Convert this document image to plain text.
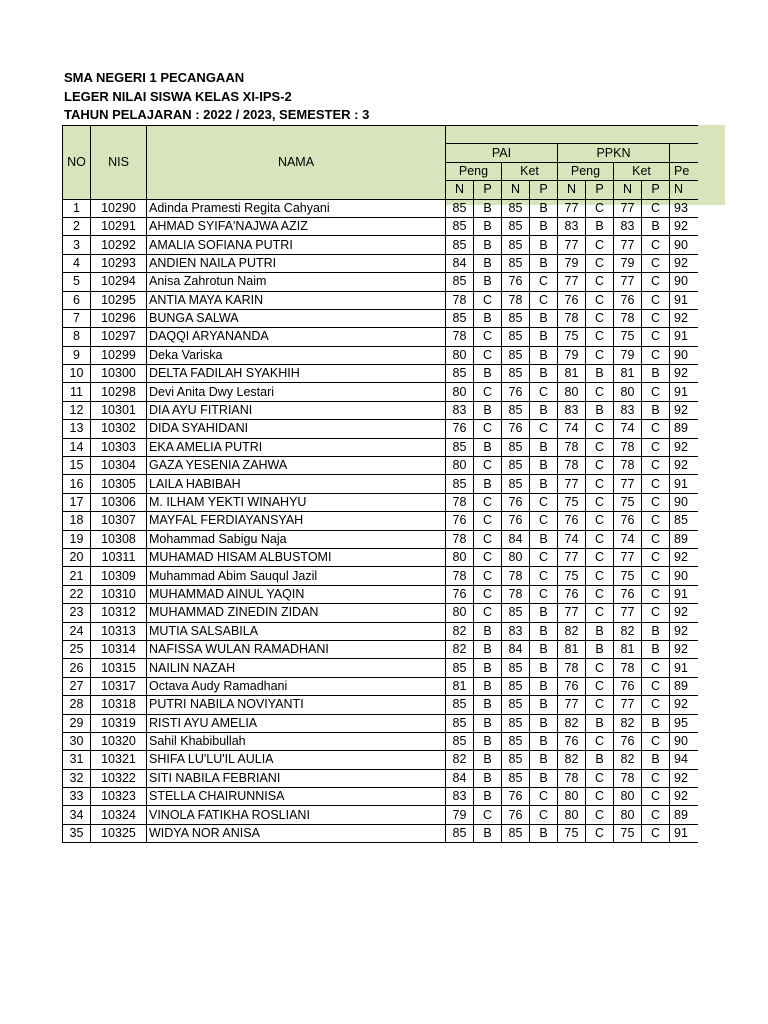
SMA NEGERI 1 PECANGAAN
LEGER NILAI SISWA KELAS XI-IPS-2
TAHUN PELAJARAN : 2022 / 2023, SEMESTER : 3
NO	NIS	NAMA									
			PAI				PPKN				
			Peng		Ket		Peng		Ket		Pe
			N	P	N	P	N	P	N	P	N
1	10290	Adinda Pramesti Regita Cahyani	85	B	85	B	77	C	77	C	93
2	10291	AHMAD SYIFA'NAJWA AZIZ	85	B	85	B	83	B	83	B	92
3	10292	AMALIA SOFIANA PUTRI	85	B	85	B	77	C	77	C	90
4	10293	ANDIEN NAILA PUTRI	84	B	85	B	79	C	79	C	92
5	10294	Anisa Zahrotun Naim	85	B	76	C	77	C	77	C	90
6	10295	ANTIA MAYA KARIN	78	C	78	C	76	C	76	C	91
7	10296	BUNGA SALWA	85	B	85	B	78	C	78	C	92
8	10297	DAQQI ARYANANDA	78	C	85	B	75	C	75	C	91
9	10299	Deka Variska	80	C	85	B	79	C	79	C	90
10	10300	DELTA FADILAH SYAKHIH	85	B	85	B	81	B	81	B	92
11	10298	Devi Anita Dwy Lestari	80	C	76	C	80	C	80	C	91
12	10301	DIA AYU FITRIANI	83	B	85	B	83	B	83	B	92
13	10302	DIDA SYAHIDANI	76	C	76	C	74	C	74	C	89
14	10303	EKA AMELIA PUTRI	85	B	85	B	78	C	78	C	92
15	10304	GAZA YESENIA ZAHWA	80	C	85	B	78	C	78	C	92
16	10305	LAILA HABIBAH	85	B	85	B	77	C	77	C	91
17	10306	M. ILHAM YEKTI WINAHYU	78	C	76	C	75	C	75	C	90
18	10307	MAYFAL FERDIAYANSYAH	76	C	76	C	76	C	76	C	85
19	10308	Mohammad Sabigu Naja	78	C	84	B	74	C	74	C	89
20	10311	MUHAMAD HISAM ALBUSTOMI	80	C	80	C	77	C	77	C	92
21	10309	Muhammad Abim Sauqul Jazil	78	C	78	C	75	C	75	C	90
22	10310	MUHAMMAD AINUL YAQIN	76	C	78	C	76	C	76	C	91
23	10312	MUHAMMAD ZINEDIN ZIDAN	80	C	85	B	77	C	77	C	92
24	10313	MUTIA SALSABILA	82	B	83	B	82	B	82	B	92
25	10314	NAFISSA WULAN RAMADHANI	82	B	84	B	81	B	81	B	92
26	10315	NAILIN NAZAH	85	B	85	B	78	C	78	C	91
27	10317	Octava Audy Ramadhani	81	B	85	B	76	C	76	C	89
28	10318	PUTRI NABILA NOVIYANTI	85	B	85	B	77	C	77	C	92
29	10319	RISTI AYU AMELIA	85	B	85	B	82	B	82	B	95
30	10320	Sahil Khabibullah	85	B	85	B	76	C	76	C	90
31	10321	SHIFA LU'LU'IL AULIA	82	B	85	B	82	B	82	B	94
32	10322	SITI NABILA FEBRIANI	84	B	85	B	78	C	78	C	92
33	10323	STELLA CHAIRUNNISA	83	B	76	C	80	C	80	C	92
34	10324	VINOLA FATIKHA ROSLIANI	79	C	76	C	80	C	80	C	89
35	10325	WIDYA NOR ANISA	85	B	85	B	75	C	75	C	91
